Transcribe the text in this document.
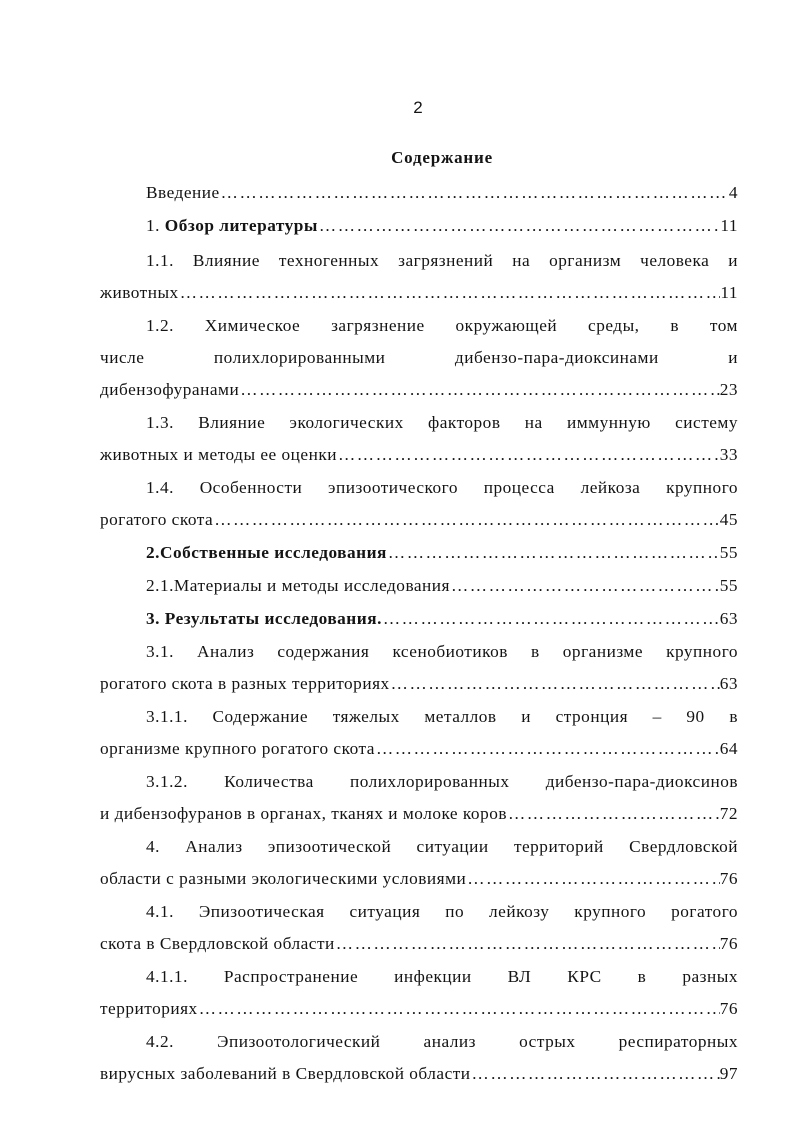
2
Содержание
Введение ……………………………………………………………………………………………………………………………………………………………………………………………………………………………	4
1. Обзор литературы ……………………………………………………………………………………………………………………………………………………………………………………………………………………………	11
1.1. Влияние техногенных загрязнений на организм человека и
животных ……………………………………………………………………………………………………………………………………………………………………………………………………………………………	11
1.2. Химическое загрязнение окружающей среды, в том
числе полихлорированными дибензо-пара-диоксинами и
дибензофуранами ……………………………………………………………………………………………………………………………………………………………………………………………………………………………	23
1.3. Влияние экологических факторов на иммунную систему
животных и методы ее оценки ……………………………………………………………………………………………………………………………………………………………………………………………………………………………	33
1.4. Особенности эпизоотического процесса лейкоза крупного
рогатого скота ……………………………………………………………………………………………………………………………………………………………………………………………………………………………	45
2.Собственные исследования ……………………………………………………………………………………………………………………………………………………………………………………………………………………………	55
2.1.Материалы и методы исследования ……………………………………………………………………………………………………………………………………………………………………………………………………………………………	55
3. Результаты исследования. ……………………………………………………………………………………………………………………………………………………………………………………………………………………………	63
3.1. Анализ содержания ксенобиотиков в организме крупного
рогатого скота в разных территориях ……………………………………………………………………………………………………………………………………………………………………………………………………………………………	63
3.1.1. Содержание тяжелых металлов и стронция – 90 в
организме крупного рогатого скота ……………………………………………………………………………………………………………………………………………………………………………………………………………………………	64
3.1.2. Количества полихлорированных дибензо-пара-диоксинов
и дибензофуранов в органах, тканях и молоке коров ……………………………………………………………………………………………………………………………………………………………………………………………………………………………	72
4. Анализ эпизоотической ситуации территорий Свердловской
области с разными экологическими условиями ……………………………………………………………………………………………………………………………………………………………………………………………………………………………	76
4.1. Эпизоотическая ситуация по лейкозу крупного рогатого
скота в Свердловской области ……………………………………………………………………………………………………………………………………………………………………………………………………………………………	76
4.1.1. Распространение инфекции ВЛ КРС в разных
территориях ……………………………………………………………………………………………………………………………………………………………………………………………………………………………	76
4.2. Эпизоотологический анализ острых респираторных
вирусных заболеваний в Свердловской области ……………………………………………………………………………………………………………………………………………………………………………………………………………………………	97
